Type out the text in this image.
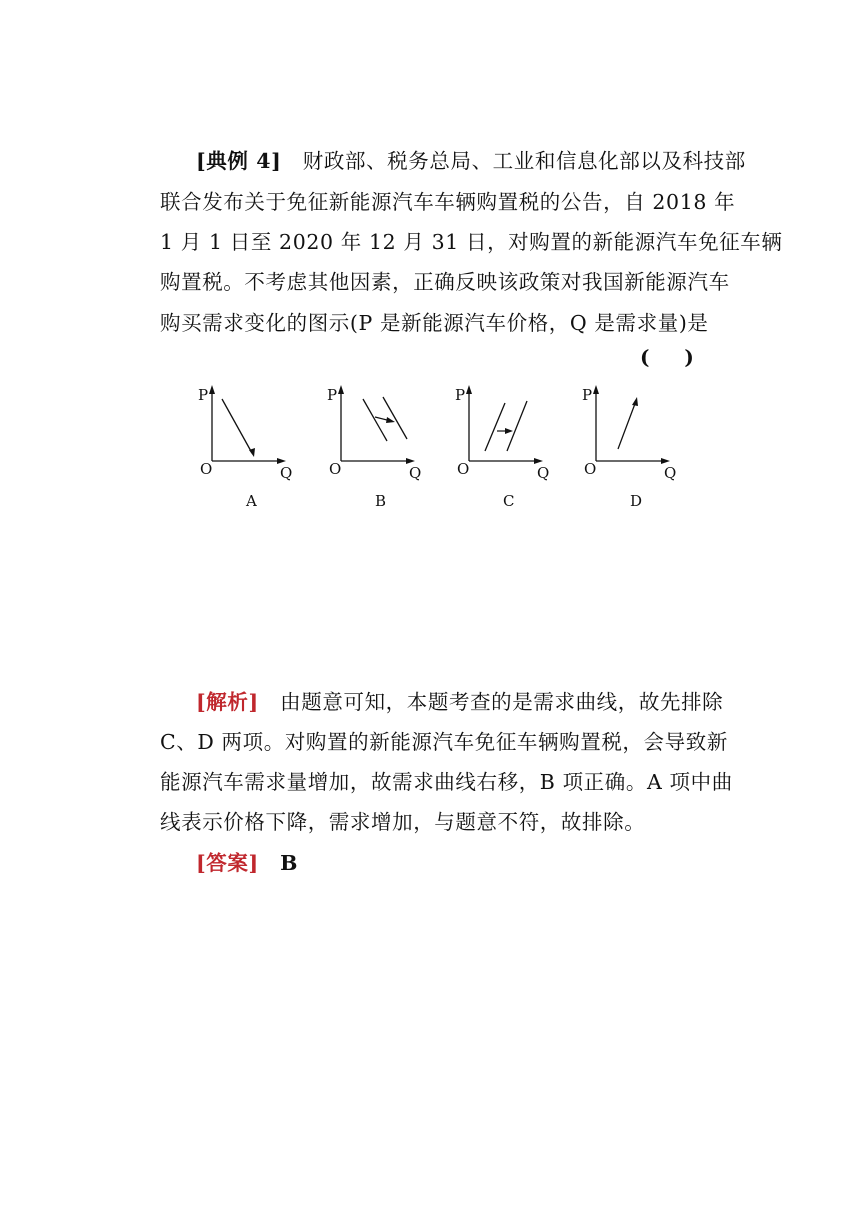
[典例 4] 财政部、税务总局、工业和信息化部以及科技部
联合发布关于免征新能源汽车车辆购置税的公告，自 2018 年
1 月 1 日至 2020 年 12 月 31 日，对购置的新能源汽车免征车辆
购置税。不考虑其他因素，正确反映该政策对我国新能源汽车
购买需求变化的图示(P 是新能源汽车价格，Q 是需求量)是
( )
P
O	Q
A
P
O	Q
B
P
O	Q
C
P
O	Q
D
[解析] 由题意可知，本题考查的是需求曲线，故先排除
C、D 两项。对购置的新能源汽车免征车辆购置税，会导致新
能源汽车需求量增加，故需求曲线右移，B 项正确。A 项中曲
线表示价格下降，需求增加，与题意不符，故排除。
[答案] B
